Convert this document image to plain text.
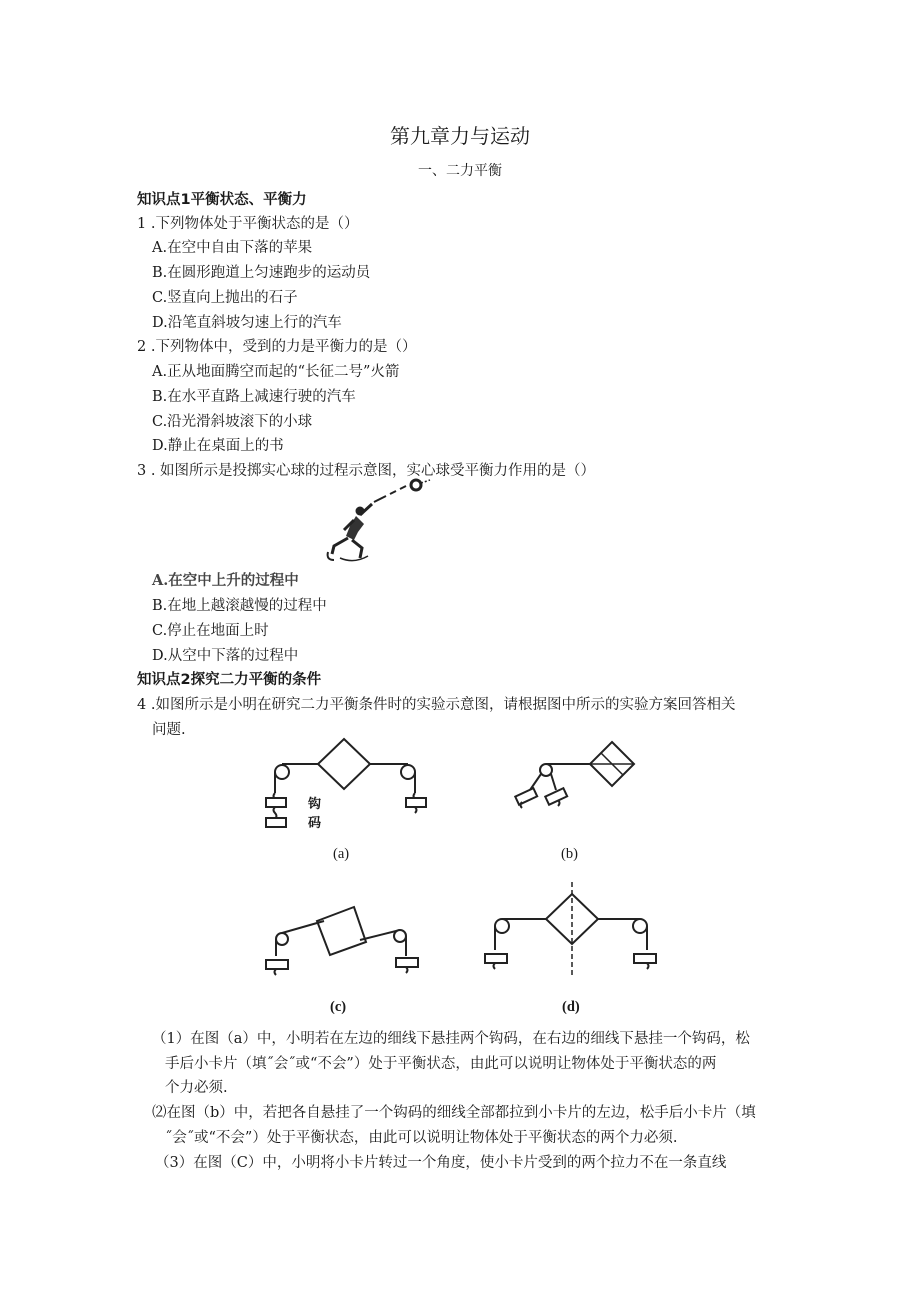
第九章力与运动
一、二力平衡
知识点1平衡状态、平衡力
1 .下列物体处于平衡状态的是（）
A.在空中自由下落的苹果
B.在圆形跑道上匀速跑步的运动员
C.竖直向上抛出的石子
D.沿笔直斜坡匀速上行的汽车
2 .下列物体中，受到的力是平衡力的是（）
A.正从地面腾空而起的“长征二号”火箭
B.在水平直路上减速行驶的汽车
C.沿光滑斜坡滚下的小球
D.静止在桌面上的书
3 . 如图所示是投掷实心球的过程示意图，实心球受平衡力作用的是（）
A.在空中上升的过程中
B.在地上越滚越慢的过程中
C.停止在地面上时
D.从空中下落的过程中
知识点2探究二力平衡的条件
4 .如图所示是小明在研究二力平衡条件时的实验示意图，请根据图中所示的实验方案回答相关
问题.
钩
码
(a)	(b)
(c)	(d)
（1）在图（a）中，小明若在左边的细线下悬挂两个钩码，在右边的细线下悬挂一个钩码，松
手后小卡片（填˝会˝或“不会”）处于平衡状态，由此可以说明让物体处于平衡状态的两
个力必须.
⑵在图（b）中，若把各自悬挂了一个钩码的细线全部都拉到小卡片的左边，松手后小卡片（填
˝会˝或“不会”）处于平衡状态，由此可以说明让物体处于平衡状态的两个力必须.
（3）在图（C）中，小明将小卡片转过一个角度，使小卡片受到的两个拉力不在一条直线
